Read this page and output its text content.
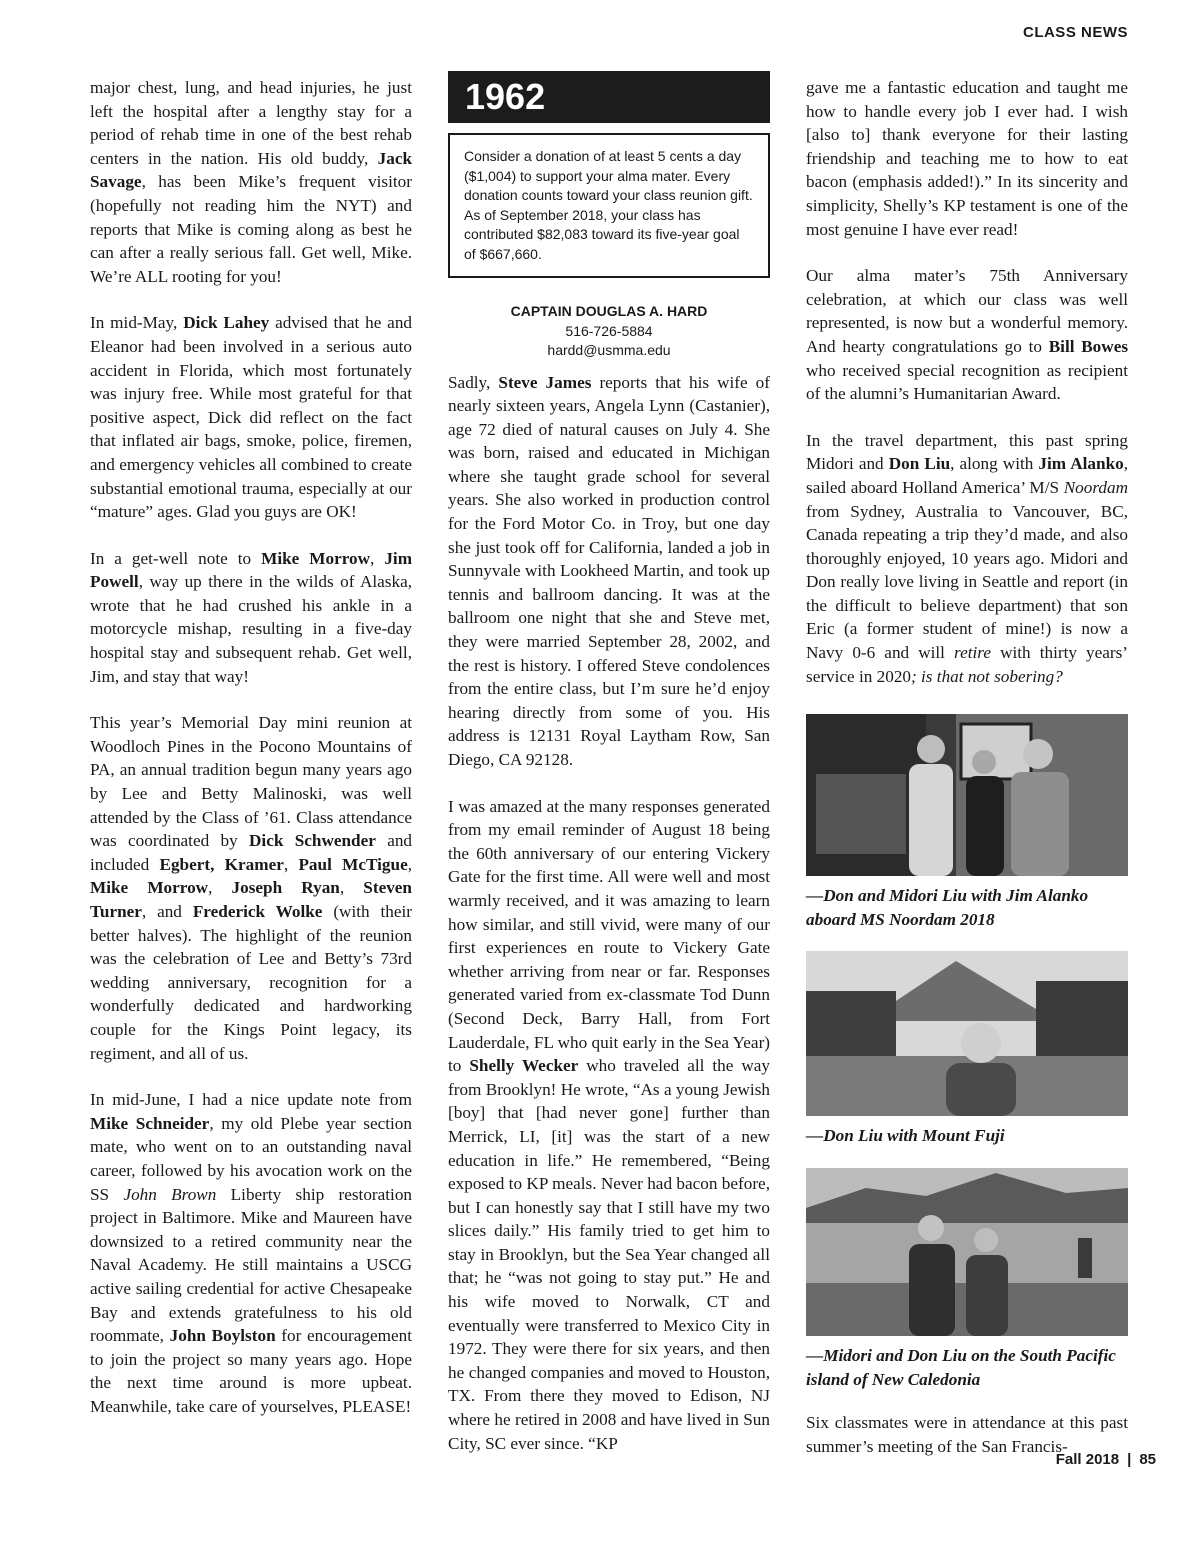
CLASS NEWS

major chest, lung, and head injuries, he just left the hospital after a lengthy stay for a period of rehab time in one of the best rehab centers in the nation. His old buddy, Jack Savage, has been Mike’s frequent visitor (hopefully not reading him the NYT) and reports that Mike is coming along as best he can after a really serious fall. Get well, Mike. We’re ALL rooting for you!

In mid-May, Dick Lahey advised that he and Eleanor had been involved in a serious auto accident in Florida, which most fortunately was injury free. While most grateful for that positive aspect, Dick did reflect on the fact that inflated air bags, smoke, police, firemen, and emergency vehicles all combined to create substantial emotional trauma, especially at our “mature” ages. Glad you guys are OK!

In a get-well note to Mike Morrow, Jim Powell, way up there in the wilds of Alaska, wrote that he had crushed his ankle in a motorcycle mishap, resulting in a five-day hospital stay and subsequent rehab. Get well, Jim, and stay that way!

This year’s Memorial Day mini reunion at Woodloch Pines in the Pocono Mountains of PA, an annual tradition begun many years ago by Lee and Betty Malinoski, was well attended by the Class of ’61. Class attendance was coordinated by Dick Schwender and included Egbert, Kramer, Paul McTigue, Mike Morrow, Joseph Ryan, Steven Turner, and Frederick Wolke (with their better halves). The highlight of the reunion was the celebration of Lee and Betty’s 73rd wedding anniversary, recognition for a wonderfully dedicated and hardworking couple for the Kings Point legacy, its regiment, and all of us.

In mid-June, I had a nice update note from Mike Schneider, my old Plebe year section mate, who went on to an outstanding naval career, followed by his avocation work on the SS John Brown Liberty ship restoration project in Baltimore. Mike and Maureen have downsized to a retired community near the Naval Academy. He still maintains a USCG active sailing credential for active Chesapeake Bay and extends gratefulness to his old roommate, John Boylston for encouragement to join the project so many years ago. Hope the next time around is more upbeat. Meanwhile, take care of yourselves, PLEASE!

1962
Consider a donation of at least 5 cents a day ($1,004) to support your alma mater. Every donation counts toward your class reunion gift. As of September 2018, your class has contributed $82,083 toward its five-year goal of $667,660.
CAPTAIN DOUGLAS A. HARD
516-726-5884
hardd@usmma.edu

Sadly, Steve James reports that his wife of nearly sixteen years, Angela Lynn (Castanier), age 72 died of natural causes on July 4. She was born, raised and educated in Michigan where she taught grade school for several years. She also worked in production control for the Ford Motor Co. in Troy, but one day she just took off for California, landed a job in Sunnyvale with Lookheed Martin, and took up tennis and ballroom dancing. It was at the ballroom one night that she and Steve met, they were married September 28, 2002, and the rest is history. I offered Steve condolences from the entire class, but I’m sure he’d enjoy hearing directly from some of you. His address is 12131 Royal Laytham Row, San Diego, CA 92128.

I was amazed at the many responses generated from my email reminder of August 18 being the 60th anniversary of our entering Vickery Gate for the first time. All were well and most warmly received, and it was amazing to learn how similar, and still vivid, were many of our first experiences en route to Vickery Gate whether arriving from near or far. Responses generated varied from ex-classmate Tod Dunn (Second Deck, Barry Hall, from Fort Lauderdale, FL who quit early in the Sea Year) to Shelly Wecker who traveled all the way from Brooklyn! He wrote, “As a young Jewish [boy] that [had never gone] further than Merrick, LI, [it] was the start of a new education in life.” He remembered, “Being exposed to KP meals. Never had bacon before, but I can honestly say that I still have my two slices daily.” His family tried to get him to stay in Brooklyn, but the Sea Year changed all that; he “was not going to stay put.” He and his wife moved to Norwalk, CT and eventually were transferred to Mexico City in 1972. They were there for six years, and then he changed companies and moved to Houston, TX. From there they moved to Edison, NJ where he retired in 2008 and have lived in Sun City, SC ever since. “KP

gave me a fantastic education and taught me how to handle every job I ever had. I wish [also to] thank everyone for their lasting friendship and teaching me to how to eat bacon (emphasis added!).” In its sincerity and simplicity, Shelly’s KP testament is one of the most genuine I have ever read!

Our alma mater’s 75th Anniversary celebration, at which our class was well represented, is now but a wonderful memory. And hearty congratulations go to Bill Bowes who received special recognition as recipient of the alumni’s Humanitarian Award.

In the travel department, this past spring Midori and Don Liu, along with Jim Alanko, sailed aboard Holland America’ M/S Noordam from Sydney, Australia to Vancouver, BC, Canada repeating a trip they’d made, and also thoroughly enjoyed, 10 years ago. Midori and Don really love living in Seattle and report (in the difficult to believe department) that son Eric (a former student of mine!) is now a Navy 0-6 and will retire with thirty years’ service in 2020; is that not sobering?

—Don and Midori Liu with Jim Alanko aboard MS Noordam 2018
—Don Liu with Mount Fuji
—Midori and Don Liu on the South Pacific island of New Caledonia

Six classmates were in attendance at this past summer’s meeting of the San Francis-

Fall 2018 | 85
